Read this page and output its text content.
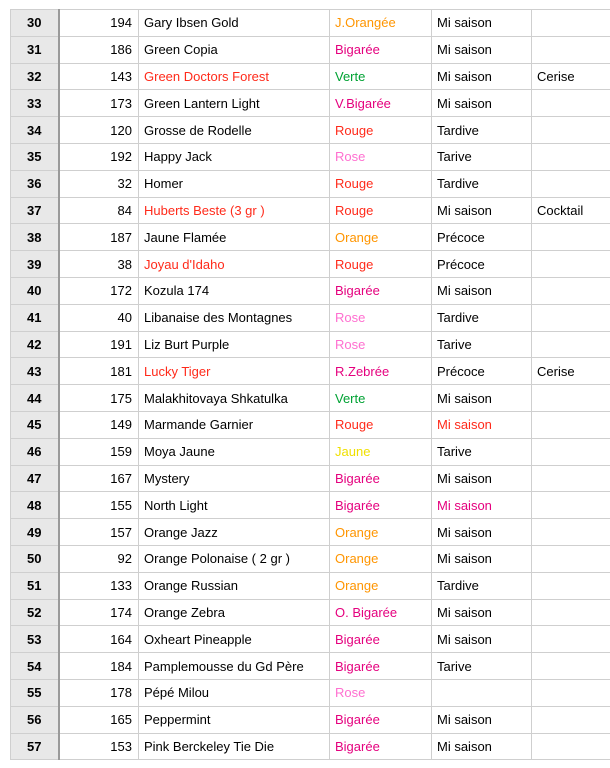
30	194	Gary Ibsen Gold	J.Orangée	Mi saison	
31	186	Green Copia	Bigarée	Mi saison	
32	143	Green Doctors Forest	Verte	Mi saison	Cerise
33	173	Green Lantern Light	V.Bigarée	Mi saison	
34	120	Grosse de Rodelle	Rouge	Tardive	
35	192	Happy Jack	Rose	Tarive	
36	32	Homer	Rouge	Tardive	
37	84	Huberts Beste (3 gr )	Rouge	Mi saison	Cocktail
38	187	Jaune Flamée	Orange	Précoce	
39	38	Joyau d'Idaho	Rouge	Précoce	
40	172	Kozula 174	Bigarée	Mi saison	
41	40	Libanaise des Montagnes	Rose	Tardive	
42	191	Liz Burt Purple	Rose	Tarive	
43	181	Lucky Tiger	R.Zebrée	Précoce	Cerise
44	175	Malakhitovaya Shkatulka	Verte	Mi saison	
45	149	Marmande Garnier	Rouge	Mi saison	
46	159	Moya Jaune	Jaune	Tarive	
47	167	Mystery	Bigarée	Mi saison	
48	155	North Light	Bigarée	Mi saison	
49	157	Orange Jazz	Orange	Mi saison	
50	92	Orange Polonaise ( 2 gr )	Orange	Mi saison	
51	133	Orange Russian	Orange	Tardive	
52	174	Orange Zebra	O. Bigarée	Mi saison	
53	164	Oxheart Pineapple	Bigarée	Mi saison	
54	184	Pamplemousse du Gd Père	Bigarée	Tarive	
55	178	Pépé Milou	Rose		
56	165	Peppermint	Bigarée	Mi saison	
57	153	Pink Berckeley Tie Die	Bigarée	Mi saison	
